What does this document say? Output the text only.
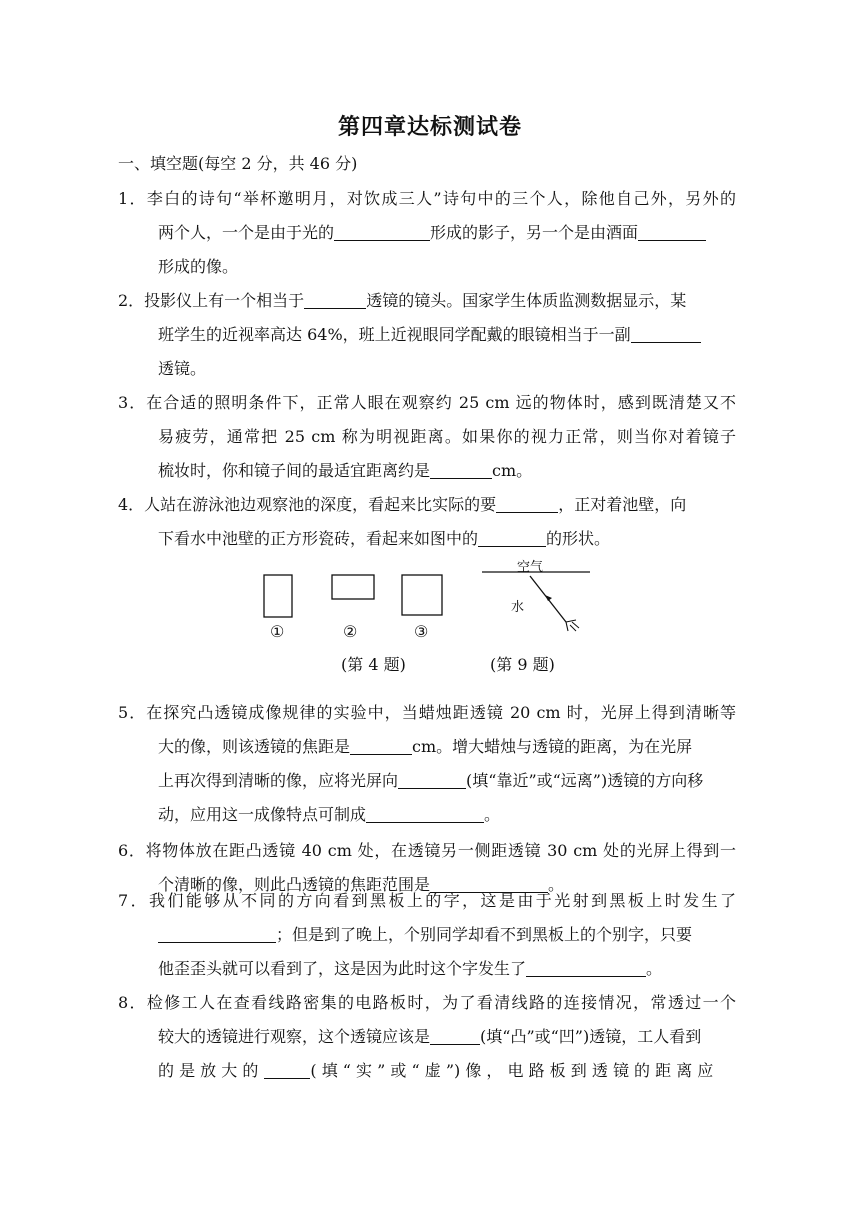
第四章达标测试卷
一、填空题(每空 2 分，共 46 分)
1．李白的诗句“举杯邀明月，对饮成三人”诗句中的三个人，除他自己外，另外的
两个人，一个是由于光的	形成的影子，另一个是由酒面
形成的像。
2．投影仪上有一个相当于	透镜的镜头。国家学生体质监测数据显示，某
班学生的近视率高达 64%，班上近视眼同学配戴的眼镜相当于一副
透镜。
3．在合适的照明条件下，正常人眼在观察约 25 cm 远的物体时，感到既清楚又不
易疲劳，通常把 25 cm 称为明视距离。如果你的视力正常，则当你对着镜子
梳妆时，你和镜子间的最适宜距离约是	cm。
4．人站在游泳池边观察池的深度，看起来比实际的要	，正对着池壁，向
下看水中池壁的正方形瓷砖，看起来如图中的	的形状。
①	②	③
空气
水
(第 4 题)	(第 9 题)
5．在探究凸透镜成像规律的实验中，当蜡烛距透镜 20 cm 时，光屏上得到清晰等
大的像，则该透镜的焦距是	cm。增大蜡烛与透镜的距离，为在光屏
上再次得到清晰的像，应将光屏向	(填“靠近”或“远离”)透镜的方向移
动，应用这一成像特点可制成	。
6．将物体放在距凸透镜 40 cm 处，在透镜另一侧距透镜 30 cm 处的光屏上得到一
个清晰的像，则此凸透镜的焦距范围是	。
7．我们能够从不同的方向看到黑板上的字，这是由于光射到黑板上时发生了
；但是到了晚上，个别同学却看不到黑板上的个别字，只要
他歪歪头就可以看到了，这是因为此时这个字发生了	。
8．检修工人在查看线路密集的电路板时，为了看清线路的连接情况，常透过一个
较大的透镜进行观察，这个透镜应该是	(填“凸”或“凹”)透镜，工人看到
的 是 放 大 的	( 填 “ 实 ” 或 “ 虚 ”) 像 ， 电 路 板 到 透 镜 的 距 离 应
